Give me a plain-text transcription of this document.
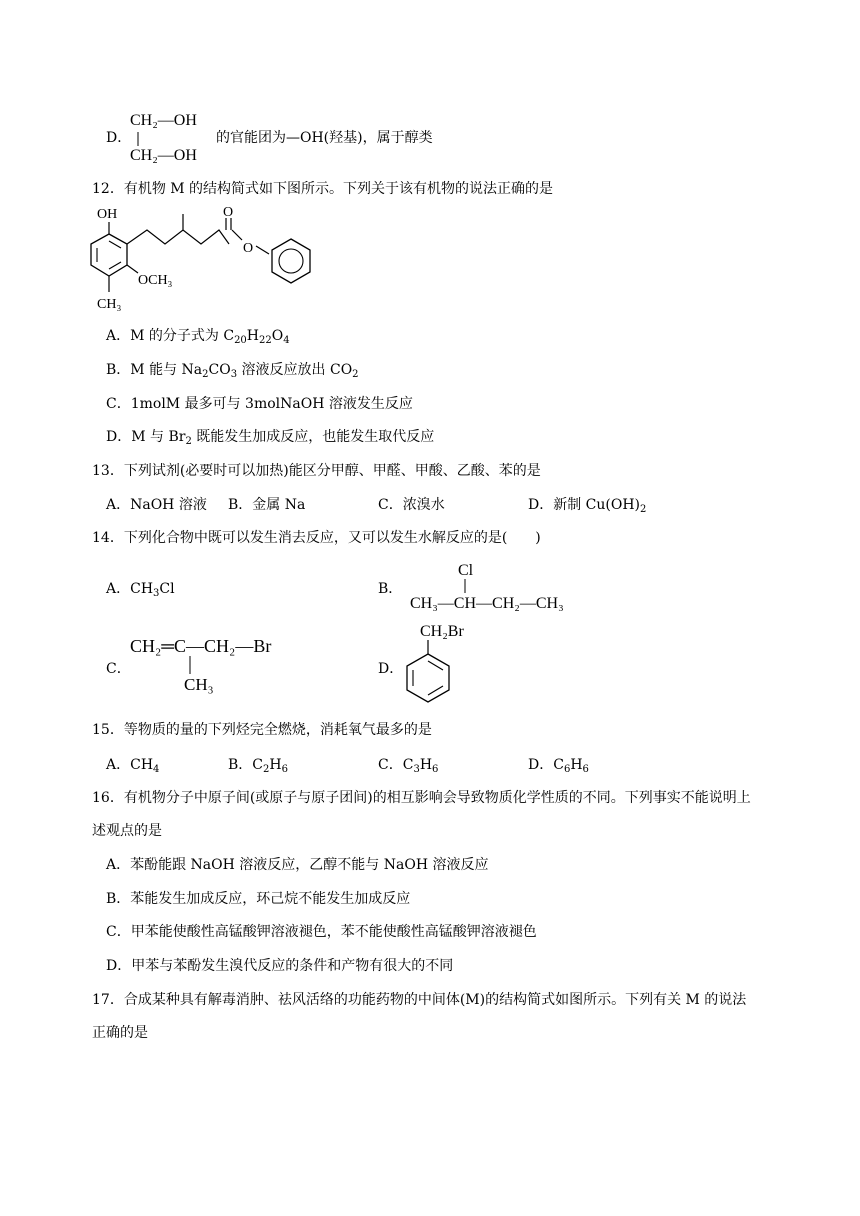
D．
CH₂—OH
CH₂—OH
的官能团为—OH(羟基)，属于醇类
12．有机物 M 的结构简式如下图所示。下列关于该有机物的说法正确的是
OH
CH₃
OCH₃
O
O
A．M 的分子式为 $C_{20}H_{22}O_4$
B．M 能与 $Na_2CO_3$ 溶液反应放出 $CO_2$
C．1molM 最多可与 3molNaOH 溶液发生反应
D．M 与 $Br_2$ 既能发生加成反应，也能发生取代反应
13．下列试剂(必要时可以加热)能区分甲醇、甲醛、甲酸、乙酸、苯的是
A．NaOH 溶液 B．金属 Na	C．浓溴水	D．新制 $Cu(OH)_2$
14．下列化合物中既可以发生消去反应，又可以发生水解反应的是(　　)
A．$CH_3Cl$	B．
Cl
CH₃—CH—CH₂—CH₃
C．
CH₂═C—CH₂—Br
CH₃
D．
CH₂Br
15．等物质的量的下列烃完全燃烧，消耗氧气最多的是
A．$CH_4$	B．$C_2H_6$	C．$C_3H_6$	D．$C_6H_6$
16．有机物分子中原子间(或原子与原子团间)的相互影响会导致物质化学性质的不同。下列事实不能说明上
述观点的是
A．苯酚能跟 NaOH 溶液反应，乙醇不能与 NaOH 溶液反应
B．苯能发生加成反应，环己烷不能发生加成反应
C．甲苯能使酸性高锰酸钾溶液褪色，苯不能使酸性高锰酸钾溶液褪色
D．甲苯与苯酚发生溴代反应的条件和产物有很大的不同
17．合成某种具有解毒消肿、祛风活络的功能药物的中间体(M)的结构简式如图所示。下列有关 M 的说法
正确的是
